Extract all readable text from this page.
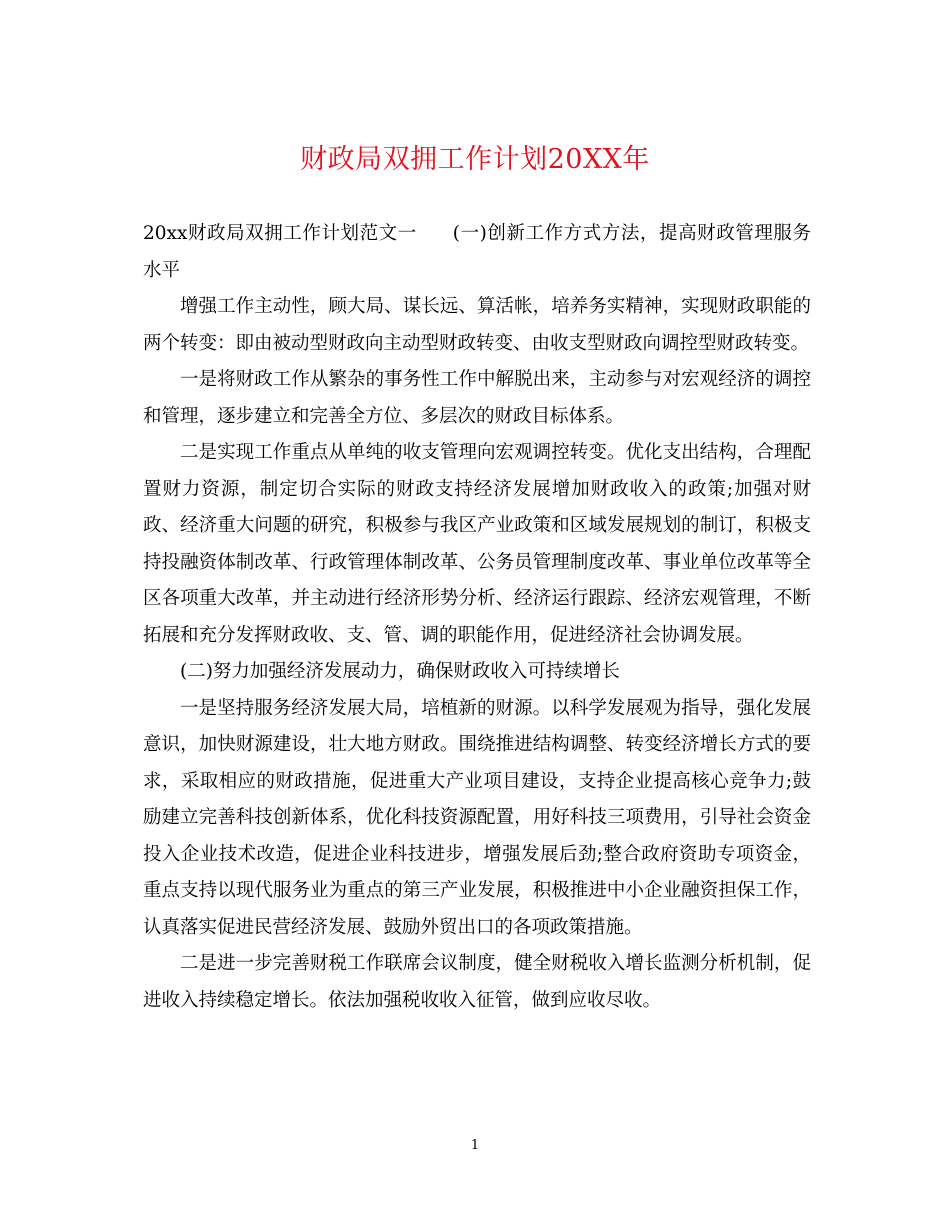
财政局双拥工作计划20XX年

20xx财政局双拥工作计划范文一 (一)创新工作方式方法，提高财政管理服务水平

增强工作主动性，顾大局、谋长远、算活帐，培养务实精神，实现财政职能的两个转变：即由被动型财政向主动型财政转变、由收支型财政向调控型财政转变。

一是将财政工作从繁杂的事务性工作中解脱出来，主动参与对宏观经济的调控和管理，逐步建立和完善全方位、多层次的财政目标体系。

二是实现工作重点从单纯的收支管理向宏观调控转变。优化支出结构，合理配置财力资源，制定切合实际的财政支持经济发展增加财政收入的政策;加强对财政、经济重大问题的研究，积极参与我区产业政策和区域发展规划的制订，积极支持投融资体制改革、行政管理体制改革、公务员管理制度改革、事业单位改革等全区各项重大改革，并主动进行经济形势分析、经济运行跟踪、经济宏观管理，不断拓展和充分发挥财政收、支、管、调的职能作用，促进经济社会协调发展。

(二)努力加强经济发展动力，确保财政收入可持续增长

一是坚持服务经济发展大局，培植新的财源。以科学发展观为指导，强化发展意识，加快财源建设，壮大地方财政。围绕推进结构调整、转变经济增长方式的要求，采取相应的财政措施，促进重大产业项目建设，支持企业提高核心竞争力;鼓励建立完善科技创新体系，优化科技资源配置，用好科技三项费用，引导社会资金投入企业技术改造，促进企业科技进步，增强发展后劲;整合政府资助专项资金，重点支持以现代服务业为重点的第三产业发展，积极推进中小企业融资担保工作，认真落实促进民营经济发展、鼓励外贸出口的各项政策措施。

二是进一步完善财税工作联席会议制度，健全财税收入增长监测分析机制，促进收入持续稳定增长。依法加强税收收入征管，做到应收尽收。

1
